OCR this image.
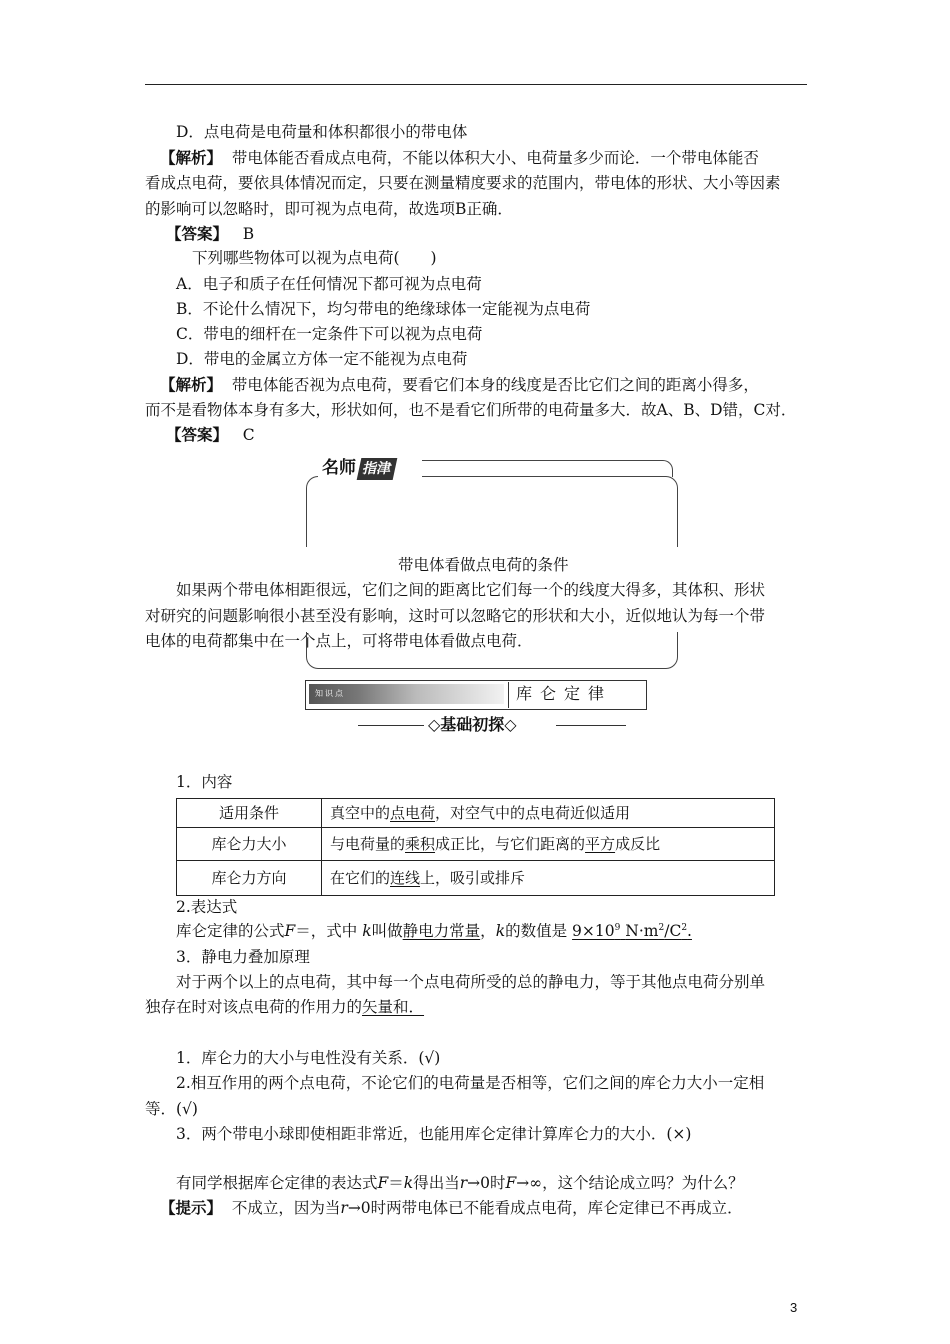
D．点电荷是电荷量和体积都很小的带电体
【解析】 带电体能否看成点电荷，不能以体积大小、电荷量多少而论．一个带电体能否
看成点电荷，要依具体情况而定，只要在测量精度要求的范围内，带电体的形状、大小等因素
的影响可以忽略时，即可视为点电荷，故选项B正确．
【答案】 B
下列哪些物体可以视为点电荷(　　)
A．电子和质子在任何情况下都可视为点电荷
B．不论什么情况下，均匀带电的绝缘球体一定能视为点电荷
C．带电的细杆在一定条件下可以视为点电荷
D．带电的金属立方体一定不能视为点电荷
【解析】 带电体能否视为点电荷，要看它们本身的线度是否比它们之间的距离小得多，
而不是看物体本身有多大，形状如何，也不是看它们所带的电荷量多大．故A、B、D错，C对．
【答案】 C
名师 指津
带电体看做点电荷的条件
如果两个带电体相距很远，它们之间的距离比它们每一个的线度大得多，其体积、形状
对研究的问题影响很小甚至没有影响，这时可以忽略它的形状和大小，近似地认为每一个带
电体的电荷都集中在一个点上，可将带电体看做点电荷．
知识点	库仑定律
◇基础初探◇
1．内容
适用条件	真空中的点电荷，对空气中的点电荷近似适用
库仑力大小	与电荷量的乘积成正比，与它们距离的平方成反比
库仑力方向	在它们的连线上，吸引或排斥
2.表达式
库仑定律的公式F＝，式中 k叫做静电力常量，k的数值是 $9\times 10^9$ $N\cdot m^2/C^2$.
3．静电力叠加原理
对于两个以上的点电荷，其中每一个点电荷所受的总的静电力，等于其他点电荷分别单
独存在时对该点电荷的作用力的矢量和．
1．库仑力的大小与电性没有关系．(√)
2.相互作用的两个点电荷，不论它们的电荷量是否相等，它们之间的库仑力大小一定相
等．(√)
3．两个带电小球即使相距非常近，也能用库仑定律计算库仑力的大小．(×)
有同学根据库仑定律的表达式F＝k得出当r→0时F→∞，这个结论成立吗？为什么？
【提示】 不成立，因为当r→0时两带电体已不能看成点电荷，库仑定律已不再成立．
3
